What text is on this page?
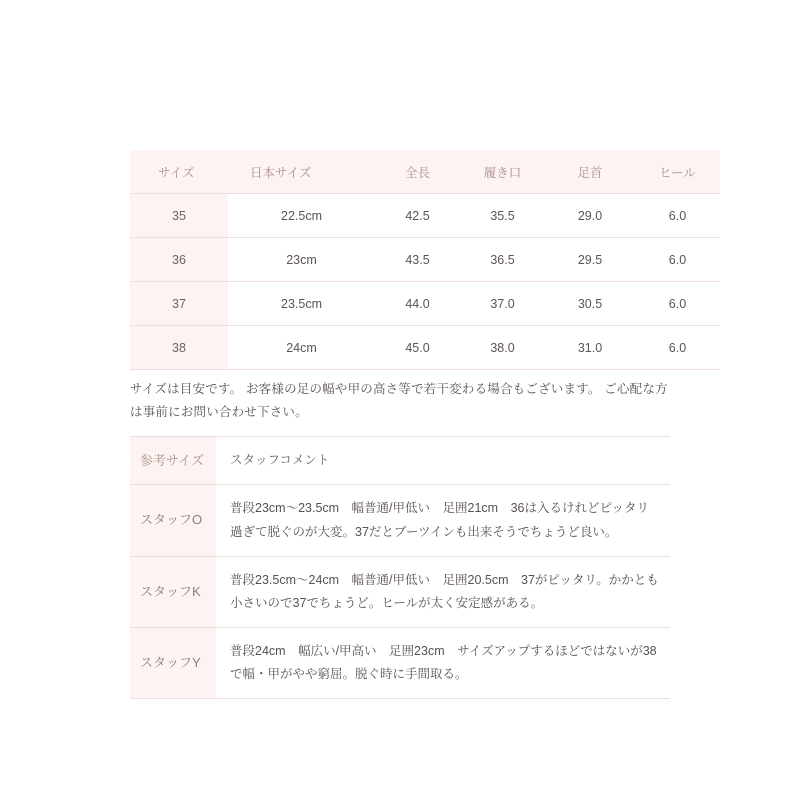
サイズ	日本サイズ	全長	履き口	足首	ヒール
35	22.5cm	42.5	35.5	29.0	6.0
36	23cm	43.5	36.5	29.5	6.0
37	23.5cm	44.0	37.0	30.5	6.0
38	24cm	45.0	38.0	31.0	6.0
サイズは目安です。 お客様の足の幅や甲の高さ等で若干変わる場合もございます。 ご心配な方は事前にお問い合わせ下さい。
参考サイズ	スタッフコメント
スタッフO	普段23cm〜23.5cm　幅普通/甲低い　足囲21cm　36は入るけれどピッタリ過ぎて脱ぐのが大変。37だとブーツインも出来そうでちょうど良い。
スタッフK	普段23.5cm〜24cm　幅普通/甲低い　足囲20.5cm　37がピッタリ。かかとも小さいので37でちょうど。ヒールが太く安定感がある。
スタッフY	普段24cm　幅広い/甲高い　足囲23cm　サイズアップするほどではないが38で幅・甲がやや窮屈。脱ぐ時に手間取る。
